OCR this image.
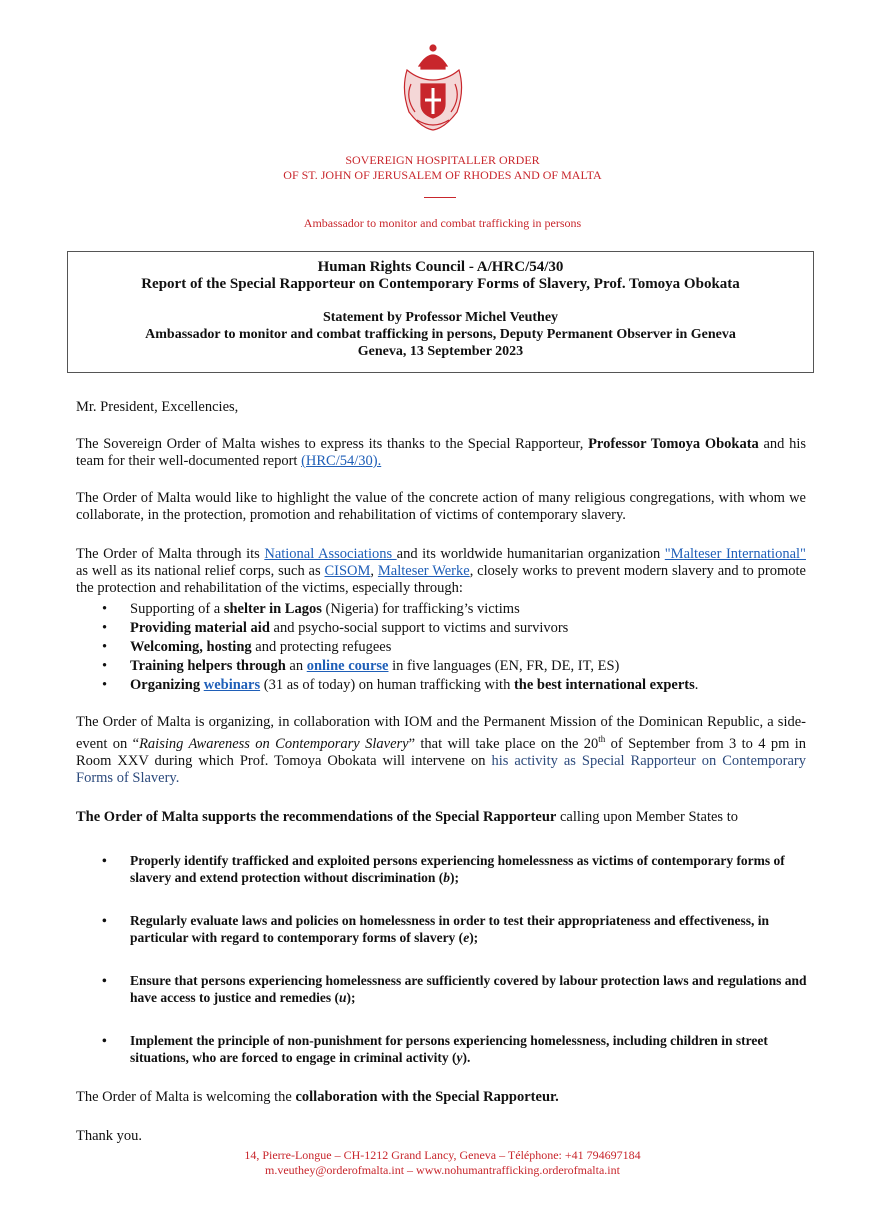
SOVEREIGN HOSPITALLER ORDER
OF ST. JOHN OF JERUSALEM OF RHODES AND OF MALTA
Ambassador to monitor and combat trafficking in persons
Human Rights Council - A/HRC/54/30
Report of the Special Rapporteur on Contemporary Forms of Slavery, Prof. Tomoya Obokata
Statement by Professor Michel Veuthey
Ambassador to monitor and combat trafficking in persons, Deputy Permanent Observer in Geneva
Geneva, 13 September 2023
Mr. President, Excellencies,
The Sovereign Order of Malta wishes to express its thanks to the Special Rapporteur, Professor Tomoya Obokata and his team for their well-documented report (HRC/54/30).
The Order of Malta would like to highlight the value of the concrete action of many religious congregations, with whom we collaborate, in the protection, promotion and rehabilitation of victims of contemporary slavery.
The Order of Malta through its National Associations and its worldwide humanitarian organization "Malteser International" as well as its national relief corps, such as CISOM, Malteser Werke, closely works to prevent modern slavery and to promote the protection and rehabilitation of the victims, especially through:
• Supporting of a shelter in Lagos (Nigeria) for trafficking’s victims
• Providing material aid and psycho-social support to victims and survivors
• Welcoming, hosting and protecting refugees
• Training helpers through an online course in five languages (EN, FR, DE, IT, ES)
• Organizing webinars (31 as of today) on human trafficking with the best international experts.
The Order of Malta is organizing, in collaboration with IOM and the Permanent Mission of the Dominican Republic, a side-event on “Raising Awareness on Contemporary Slavery” that will take place on the 20th of September from 3 to 4 pm in Room XXV during which Prof. Tomoya Obokata will intervene on his activity as Special Rapporteur on Contemporary Forms of Slavery.
The Order of Malta supports the recommendations of the Special Rapporteur calling upon Member States to
• Properly identify trafficked and exploited persons experiencing homelessness as victims of contemporary forms of slavery and extend protection without discrimination (b);
• Regularly evaluate laws and policies on homelessness in order to test their appropriateness and effectiveness, in particular with regard to contemporary forms of slavery (e);
• Ensure that persons experiencing homelessness are sufficiently covered by labour protection laws and regulations and have access to justice and remedies (u);
• Implement the principle of non-punishment for persons experiencing homelessness, including children in street situations, who are forced to engage in criminal activity (y).
The Order of Malta is welcoming the collaboration with the Special Rapporteur.
Thank you.
14, Pierre-Longue – CH-1212 Grand Lancy, Geneva – Téléphone: +41 794697184
m.veuthey@orderofmalta.int – www.nohumantrafficking.orderofmalta.int
